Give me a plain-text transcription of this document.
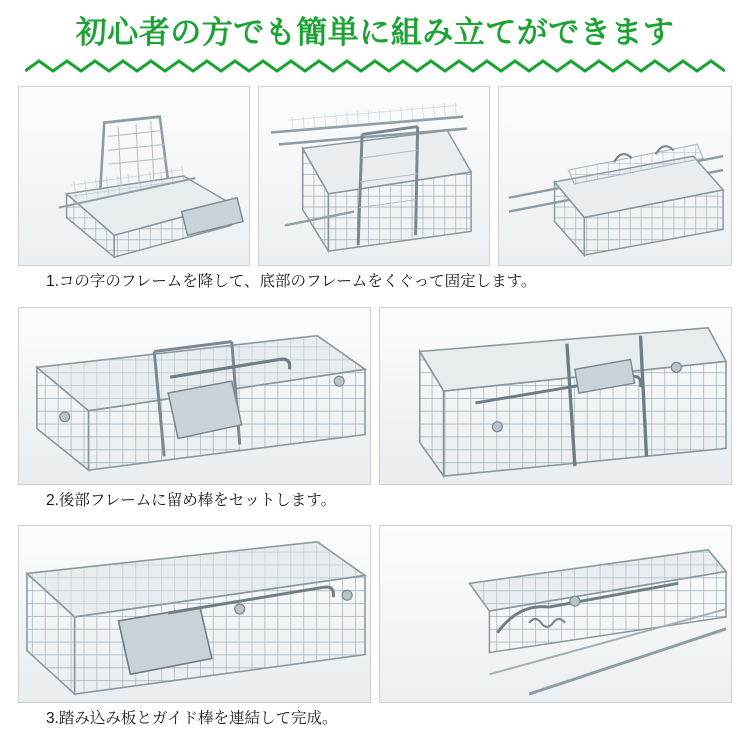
初心者の方でも簡単に組み立てができます
1.コの字のフレームを降して、底部のフレームをくぐって固定します。
2.後部フレームに留め棒をセットします。
3.踏み込み板とガイド棒を連結して完成。
